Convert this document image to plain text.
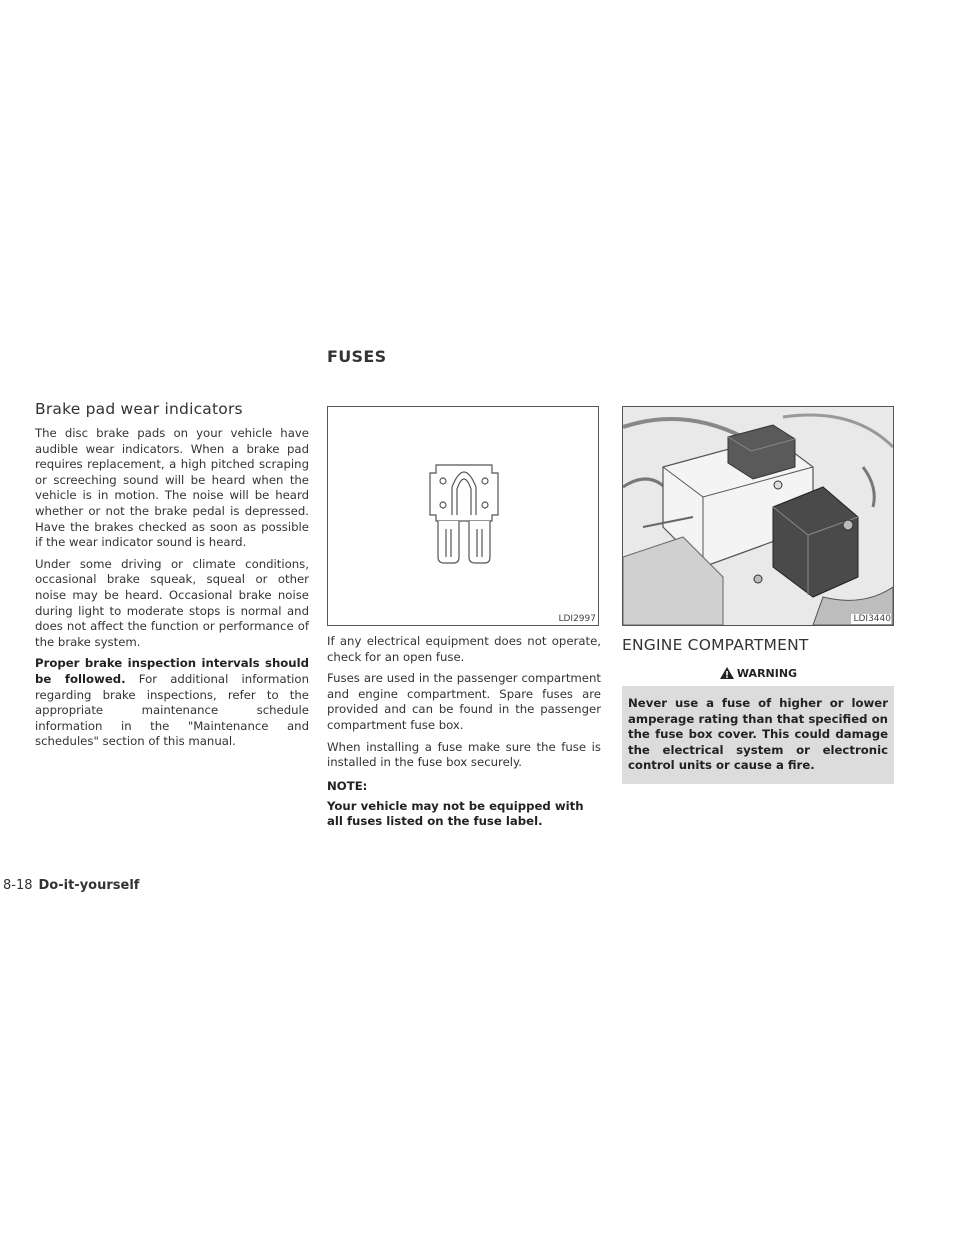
FUSES
Brake pad wear indicators

The disc brake pads on your vehicle have audible wear indicators. When a brake pad requires replacement, a high pitched scraping or screeching sound will be heard when the vehicle is in motion. The noise will be heard whether or not the brake pedal is depressed. Have the brakes checked as soon as possible if the wear indicator sound is heard.

Under some driving or climate conditions, occasional brake squeak, squeal or other noise may be heard. Occasional brake noise during light to moderate stops is normal and does not affect the function or performance of the brake system.

Proper brake inspection intervals should be followed. For additional information regarding brake inspections, refer to the appropriate maintenance schedule information in the "Maintenance and schedules" section of this manual.

LDI2997

If any electrical equipment does not operate, check for an open fuse.

Fuses are used in the passenger compartment and engine compartment. Spare fuses are provided and can be found in the passenger compartment fuse box.

When installing a fuse make sure the fuse is installed in the fuse box securely.

NOTE:

Your vehicle may not be equipped with all fuses listed on the fuse label.

LDI3440
ENGINE COMPARTMENT
WARNING
Never use a fuse of higher or lower amperage rating than that specified on the fuse box cover. This could damage the electrical system or electronic control units or cause a fire.
8-18 Do-it-yourself
